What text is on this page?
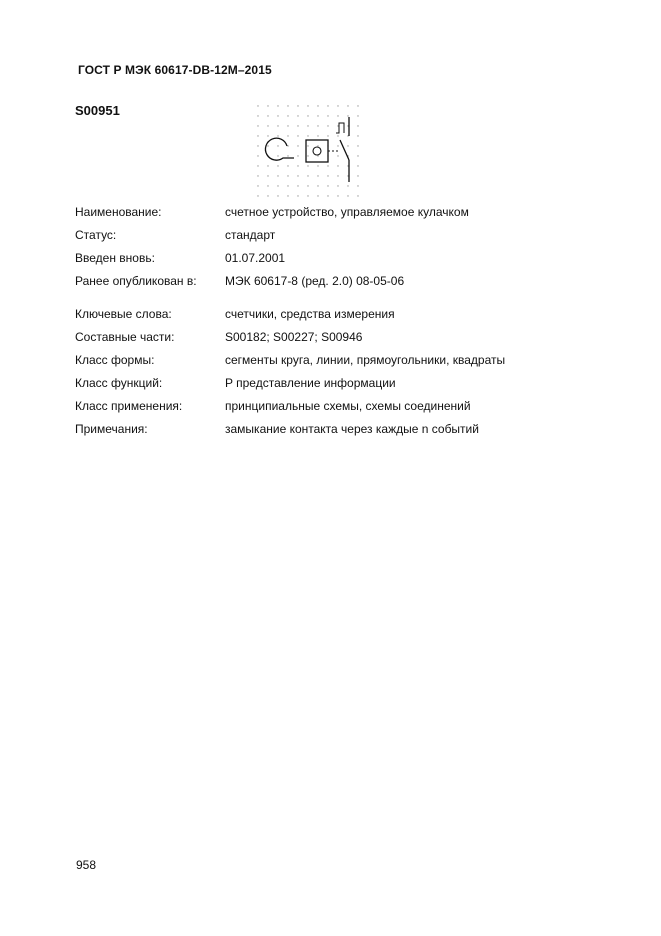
ГОСТ Р МЭК 60617-DB-12M–2015
S00951
Наименование:	счетное устройство, управляемое кулачком
Статус:	стандарт
Введен вновь:	01.07.2001
Ранее опубликован в: МЭК 60617-8 (ред. 2.0) 08-05-06
Ключевые слова:	счетчики, средства измерения
Составные части:	S00182; S00227; S00946
Класс формы:	сегменты круга, линии, прямоугольники, квадраты
Класс функций:	P представление информации
Класс применения:	принципиальные схемы, схемы соединений
Примечания:	замыкание контакта через каждые n событий
958
